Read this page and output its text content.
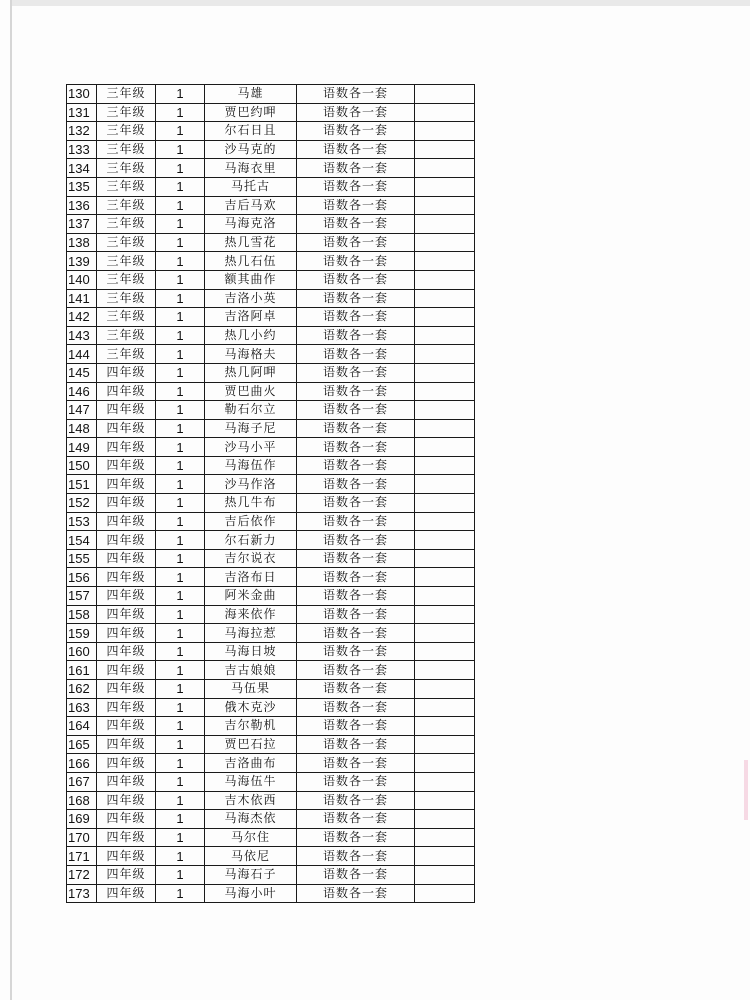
130	三年级	1	马雄	语数各一套	
131	三年级	1	贾巴约呷	语数各一套	
132	三年级	1	尔石日且	语数各一套	
133	三年级	1	沙马克的	语数各一套	
134	三年级	1	马海衣里	语数各一套	
135	三年级	1	马托古	语数各一套	
136	三年级	1	吉后马欢	语数各一套	
137	三年级	1	马海克洛	语数各一套	
138	三年级	1	热几雪花	语数各一套	
139	三年级	1	热几石伍	语数各一套	
140	三年级	1	额其曲作	语数各一套	
141	三年级	1	吉洛小英	语数各一套	
142	三年级	1	吉洛阿卓	语数各一套	
143	三年级	1	热几小约	语数各一套	
144	三年级	1	马海格夫	语数各一套	
145	四年级	1	热几阿呷	语数各一套	
146	四年级	1	贾巴曲火	语数各一套	
147	四年级	1	勒石尔立	语数各一套	
148	四年级	1	马海子尼	语数各一套	
149	四年级	1	沙马小平	语数各一套	
150	四年级	1	马海伍作	语数各一套	
151	四年级	1	沙马作洛	语数各一套	
152	四年级	1	热几牛布	语数各一套	
153	四年级	1	吉后依作	语数各一套	
154	四年级	1	尔石新力	语数各一套	
155	四年级	1	吉尔说衣	语数各一套	
156	四年级	1	吉洛布日	语数各一套	
157	四年级	1	阿米金曲	语数各一套	
158	四年级	1	海来依作	语数各一套	
159	四年级	1	马海拉惹	语数各一套	
160	四年级	1	马海日坡	语数各一套	
161	四年级	1	吉古娘娘	语数各一套	
162	四年级	1	马伍果	语数各一套	
163	四年级	1	俄木克沙	语数各一套	
164	四年级	1	吉尔勒机	语数各一套	
165	四年级	1	贾巴石拉	语数各一套	
166	四年级	1	吉洛曲布	语数各一套	
167	四年级	1	马海伍牛	语数各一套	
168	四年级	1	吉木依西	语数各一套	
169	四年级	1	马海杰依	语数各一套	
170	四年级	1	马尔住	语数各一套	
171	四年级	1	马依尼	语数各一套	
172	四年级	1	马海石子	语数各一套	
173	四年级	1	马海小叶	语数各一套	
